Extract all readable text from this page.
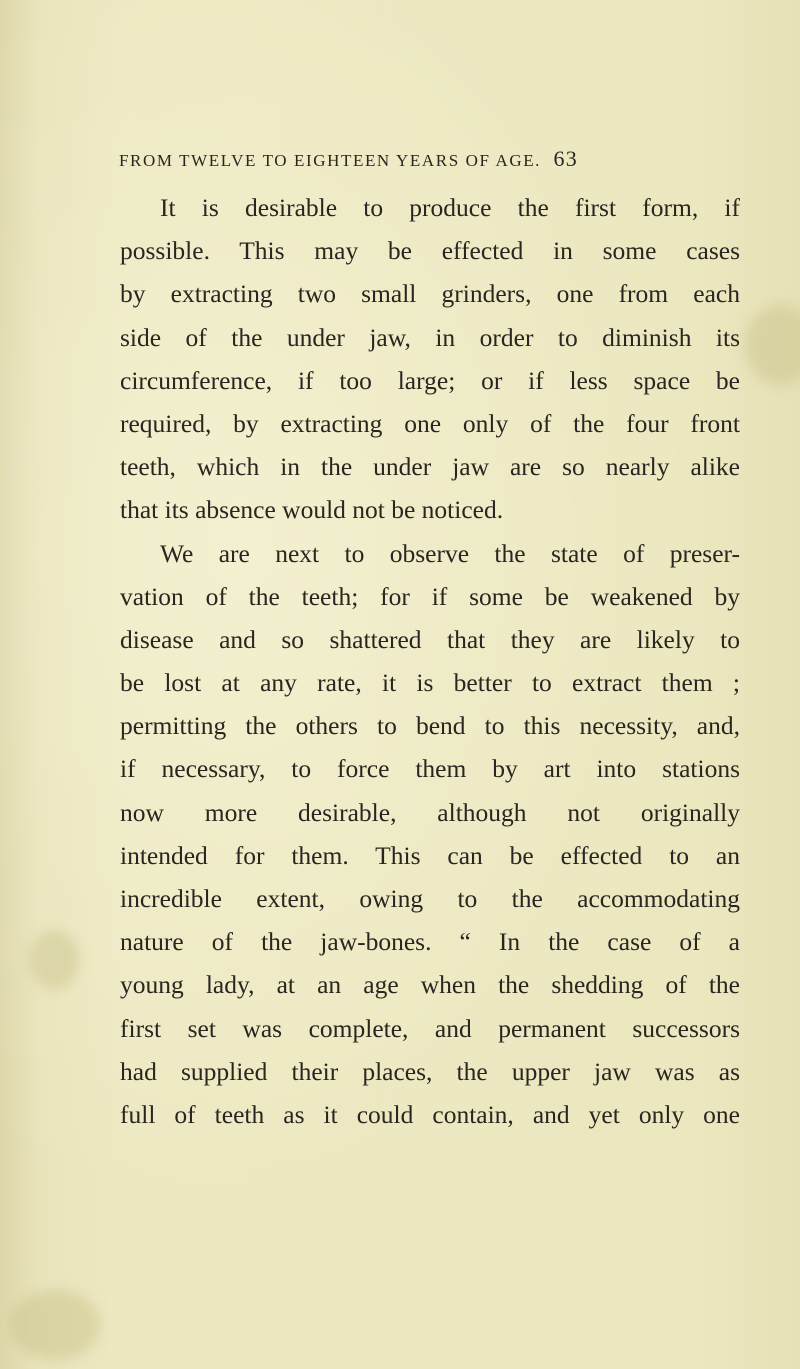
FROM TWELVE TO EIGHTEEN YEARS OF AGE. 63
It is desirable to produce the first form, if
possible. This may be effected in some cases
by extracting two small grinders, one from each
side of the under jaw, in order to diminish its
circumference, if too large; or if less space be
required, by extracting one only of the four front
teeth, which in the under jaw are so nearly alike
that its absence would not be noticed.
We are next to observe the state of preser-
vation of the teeth; for if some be weakened by
disease and so shattered that they are likely to
be lost at any rate, it is better to extract them ;
permitting the others to bend to this necessity, and,
if necessary, to force them by art into stations
now more desirable, although not originally
intended for them. This can be effected to an
incredible extent, owing to the accommodating
nature of the jaw-bones. “ In the case of a
young lady, at an age when the shedding of the
first set was complete, and permanent successors
had supplied their places, the upper jaw was as
full of teeth as it could contain, and yet only one
